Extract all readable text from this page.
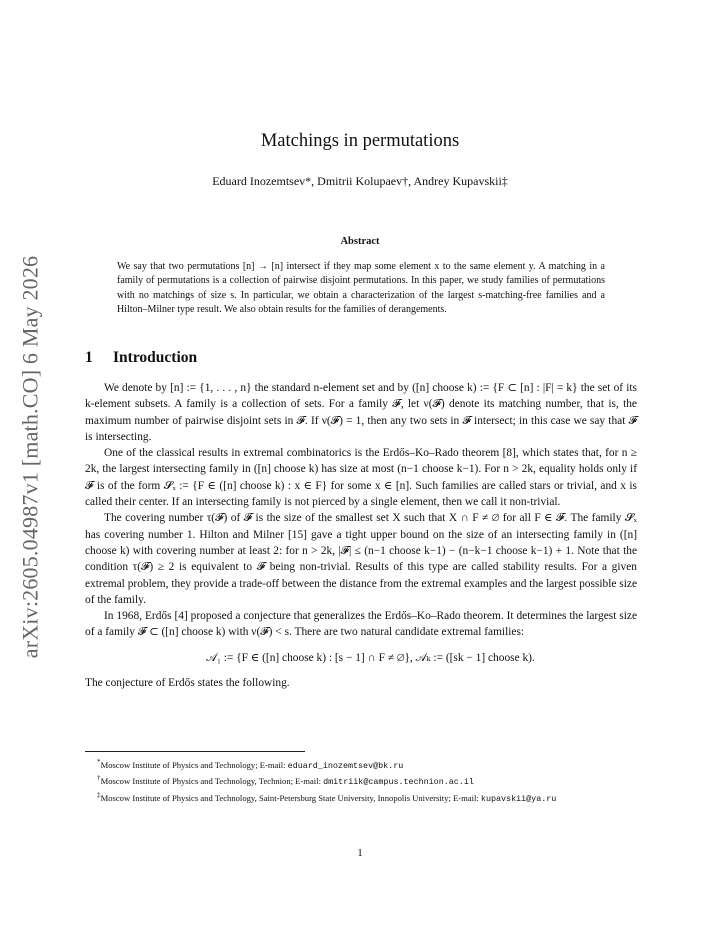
arXiv:2605.04987v1 [math.CO] 6 May 2026
Matchings in permutations
Eduard Inozemtsev*, Dmitrii Kolupaev†, Andrey Kupavskii‡
Abstract
We say that two permutations [n] → [n] intersect if they map some element x to the same element y. A matching in a family of permutations is a collection of pairwise disjoint permutations. In this paper, we study families of permutations with no matchings of size s. In particular, we obtain a characterization of the largest s-matching-free families and a Hilton–Milner type result. We also obtain results for the families of derangements.
1 Introduction

We denote by [n] := {1, . . . , n} the standard n-element set and by ([n] choose k) := {F ⊂ [n] : |F| = k} the set of its k-element subsets. A family is a collection of sets. For a family 𝓕, let ν(𝓕) denote its matching number, that is, the maximum number of pairwise disjoint sets in 𝓕. If ν(𝓕) = 1, then any two sets in 𝓕 intersect; in this case we say that 𝓕 is intersecting.

One of the classical results in extremal combinatorics is the Erdős–Ko–Rado theorem [8], which states that, for n ≥ 2k, the largest intersecting family in ([n] choose k) has size at most (n−1 choose k−1). For n > 2k, equality holds only if 𝓕 is of the form 𝓢ₓ := {F ∈ ([n] choose k) : x ∈ F} for some x ∈ [n]. Such families are called stars or trivial, and x is called their center. If an intersecting family is not pierced by a single element, then we call it non-trivial.

The covering number τ(𝓕) of 𝓕 is the size of the smallest set X such that X ∩ F ≠ ∅ for all F ∈ 𝓕. The family 𝓢ₓ has covering number 1. Hilton and Milner [15] gave a tight upper bound on the size of an intersecting family in ([n] choose k) with covering number at least 2: for n > 2k, |𝓕| ≤ (n−1 choose k−1) − (n−k−1 choose k−1) + 1. Note that the condition τ(𝓕) ≥ 2 is equivalent to 𝓕 being non-trivial. Results of this type are called stability results. For a given extremal problem, they provide a trade-off between the distance from the extremal examples and the largest possible size of the family.

In 1968, Erdős [4] proposed a conjecture that generalizes the Erdős–Ko–Rado theorem. It determines the largest size of a family 𝓕 ⊂ ([n] choose k) with ν(𝓕) < s. There are two natural candidate extremal families:

𝒜₁ := {F ∈ ([n] choose k) : [s − 1] ∩ F ≠ ∅}, 𝒜ₖ := ([sk − 1] choose k).

The conjecture of Erdős states the following.

*Moscow Institute of Physics and Technology; E-mail: eduard_inozemtsev@bk.ru

†Moscow Institute of Physics and Technology, Technion; E-mail: dmitriik@campus.technion.ac.il

‡Moscow Institute of Physics and Technology, Saint-Petersburg State University, Innopolis University; E-mail: kupavskii@ya.ru

1
